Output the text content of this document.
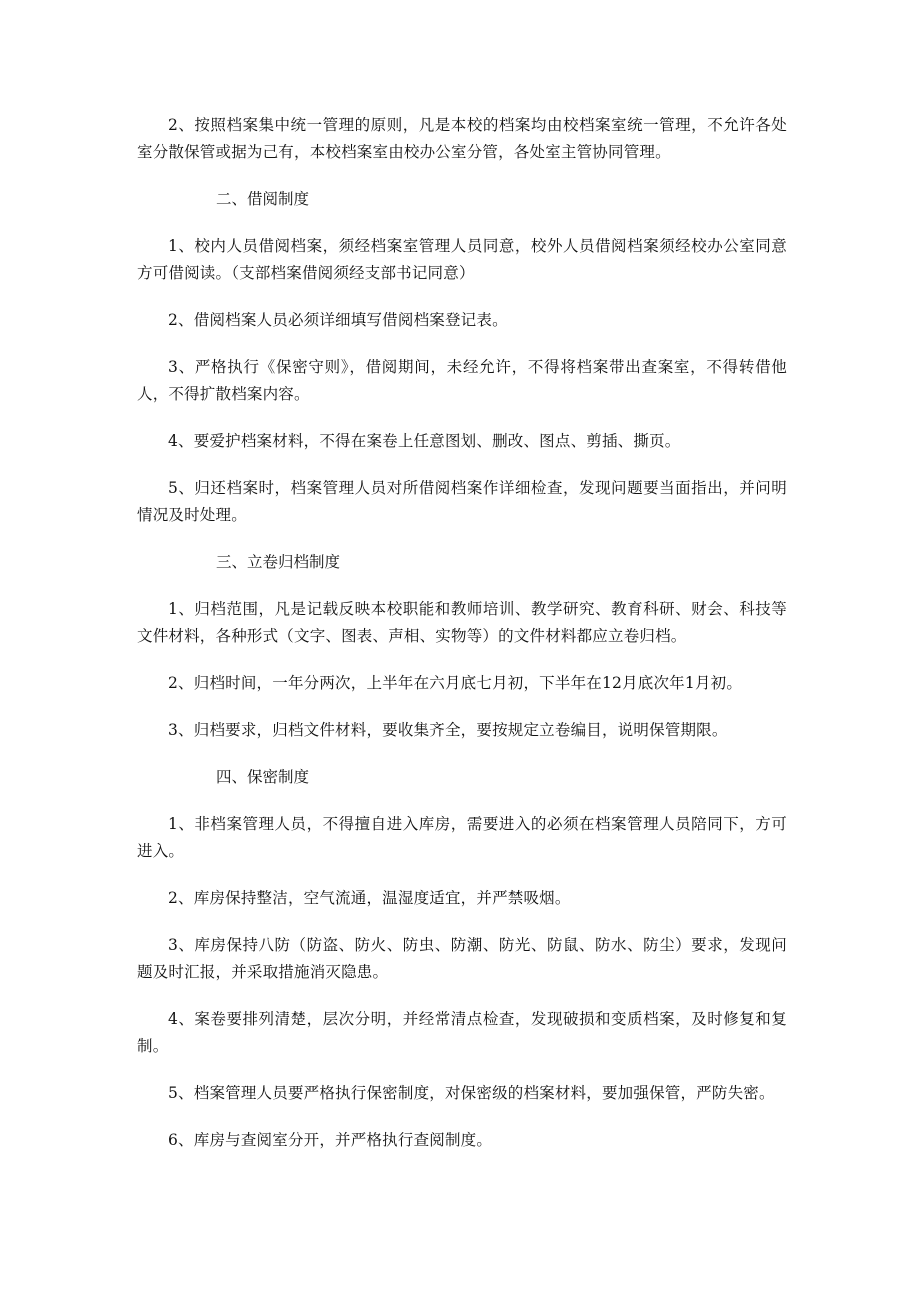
2、按照档案集中统一管理的原则，凡是本校的档案均由校档案室统一管理，不允许各处室分散保管或据为己有，本校档案室由校办公室分管，各处室主管协同管理。

二、借阅制度

1、校内人员借阅档案，须经档案室管理人员同意，校外人员借阅档案须经校办公室同意方可借阅读。（支部档案借阅须经支部书记同意）

2、借阅档案人员必须详细填写借阅档案登记表。

3、严格执行《保密守则》，借阅期间，未经允许，不得将档案带出查案室，不得转借他人，不得扩散档案内容。

4、要爱护档案材料，不得在案卷上任意图划、删改、图点、剪插、撕页。

5、归还档案时，档案管理人员对所借阅档案作详细检查，发现问题要当面指出，并问明情况及时处理。

三、立卷归档制度

1、归档范围，凡是记载反映本校职能和教师培训、教学研究、教育科研、财会、科技等文件材料，各种形式（文字、图表、声相、实物等）的文件材料都应立卷归档。

2、归档时间，一年分两次，上半年在六月底七月初，下半年在12月底次年1月初。

3、归档要求，归档文件材料，要收集齐全，要按规定立卷编目，说明保管期限。

四、保密制度

1、非档案管理人员，不得擅自进入库房，需要进入的必须在档案管理人员陪同下，方可进入。

2、库房保持整洁，空气流通，温湿度适宜，并严禁吸烟。

3、库房保持八防（防盗、防火、防虫、防潮、防光、防鼠、防水、防尘）要求，发现问题及时汇报，并采取措施消灭隐患。

4、案卷要排列清楚，层次分明，并经常清点检查，发现破损和变质档案，及时修复和复制。

5、档案管理人员要严格执行保密制度，对保密级的档案材料，要加强保管，严防失密。

6、库房与查阅室分开，并严格执行查阅制度。
